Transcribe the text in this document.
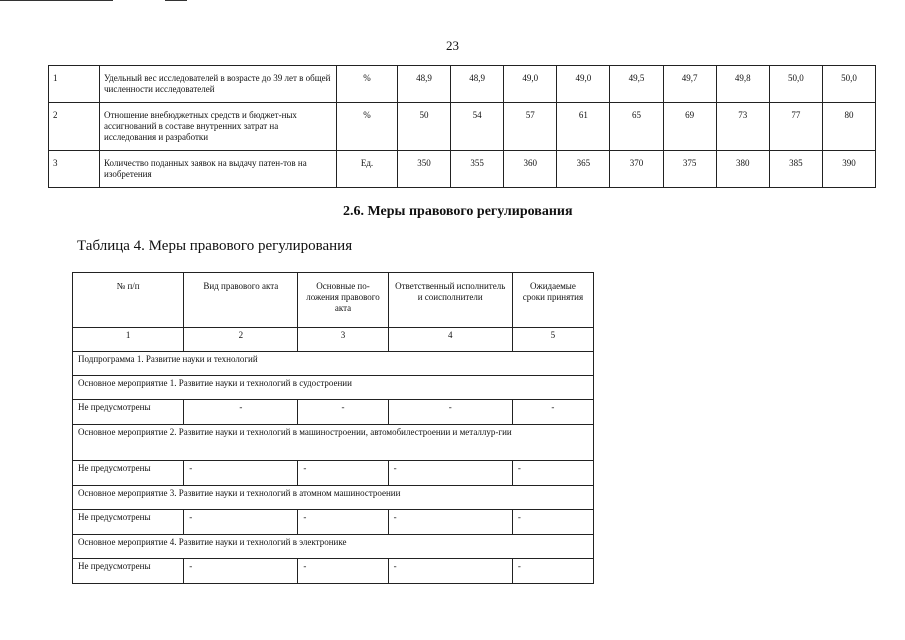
23
1	Удельный вес исследователей в возрасте до 39 лет в общей численности исследователей	%	48,9	48,9	49,0	49,0	49,5	49,7	49,8	50,0	50,0
2	Отношение внебюджетных средств и бюджет-ных ассигнований в составе внутренних затрат на исследования и разработки	%	50	54	57	61	65	69	73	77	80
3	Количество поданных заявок на выдачу патен-тов на изобретения	Ед.	350	355	360	365	370	375	380	385	390
2.6. Меры правового регулирования
Таблица 4. Меры правового регулирования
№ п/п	Вид правового акта	Основные по-ложения правового акта	Ответственный исполнитель и соисполнители	Ожидаемые сроки принятия
1	2	3	4	5
Подпрограмма 1. Развитие науки и технологий				
Основное мероприятие 1. Развитие науки и технологий в судостроении				
Не предусмотрены	-	-	-	-
Основное мероприятие 2. Развитие науки и технологий в машиностроении, автомобилестроении и металлур-гии				
Не предусмотрены	-	-	-	-
Основное мероприятие 3. Развитие науки и технологий в атомном машиностроении				
Не предусмотрены	-	-	-	-
Основное мероприятие 4. Развитие науки и технологий в электронике				
Не предусмотрены	-	-	-	-
